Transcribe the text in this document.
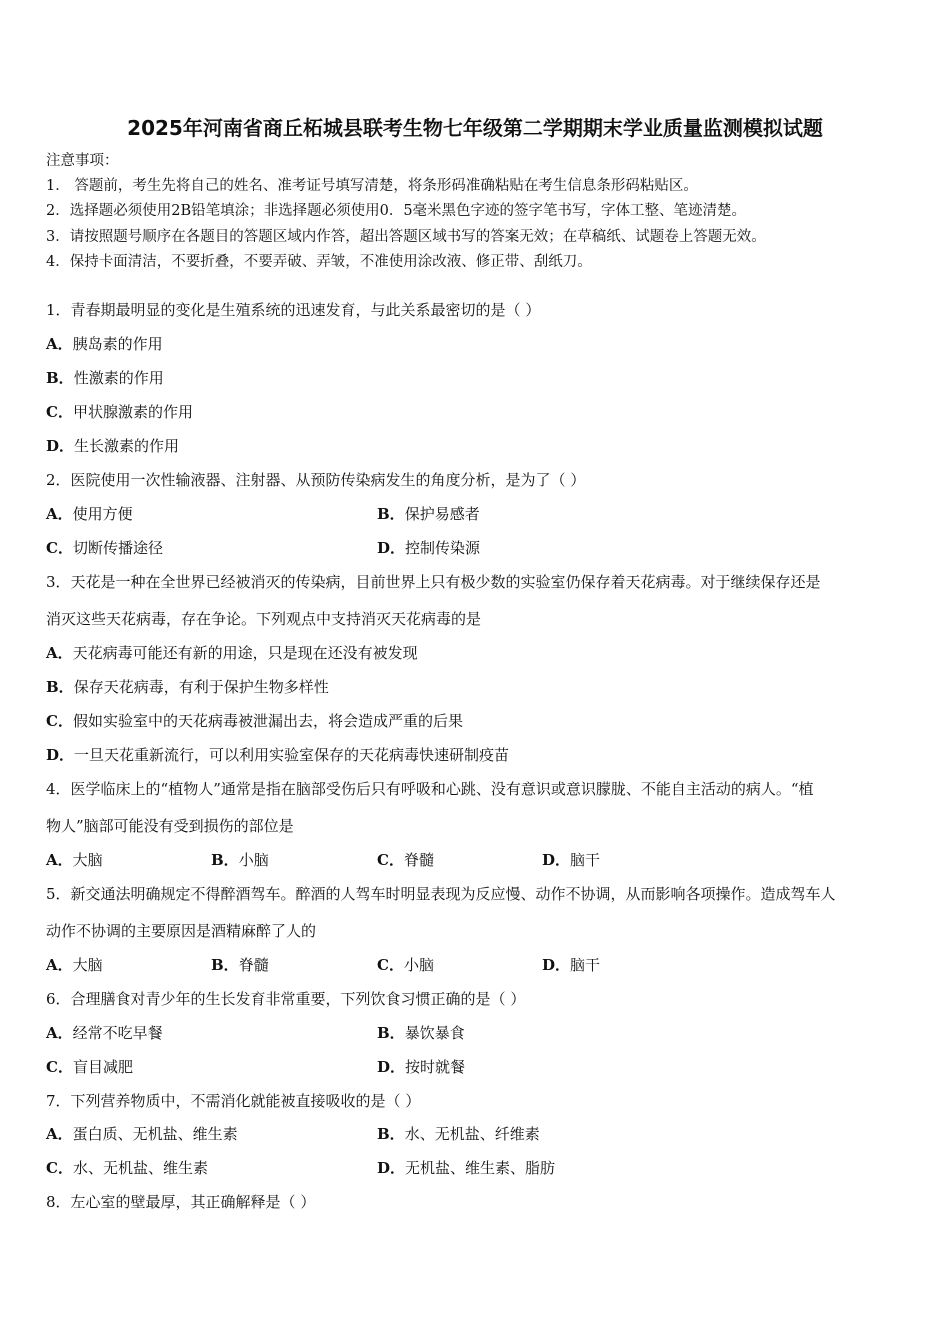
2025年河南省商丘柘城县联考生物七年级第二学期期末学业质量监测模拟试题
注意事项：
1． 答题前，考生先将自己的姓名、准考证号填写清楚，将条形码准确粘贴在考生信息条形码粘贴区。
2．选择题必须使用2B铅笔填涂；非选择题必须使用0．5毫米黑色字迹的签字笔书写，字体工整、笔迹清楚。
3．请按照题号顺序在各题目的答题区域内作答，超出答题区域书写的答案无效；在草稿纸、试题卷上答题无效。
4．保持卡面清洁，不要折叠，不要弄破、弄皱，不准使用涂改液、修正带、刮纸刀。
1．青春期最明显的变化是生殖系统的迅速发育，与此关系最密切的是（ ）
A．胰岛素的作用
B．性激素的作用
C．甲状腺激素的作用
D．生长激素的作用
2．医院使用一次性输液器、注射器、从预防传染病发生的角度分析，是为了（ ）
A．使用方便	B．保护易感者
C．切断传播途径	D．控制传染源
3．天花是一种在全世界已经被消灭的传染病，目前世界上只有极少数的实验室仍保存着天花病毒。对于继续保存还是
消灭这些天花病毒，存在争论。下列观点中支持消灭天花病毒的是
A．天花病毒可能还有新的用途，只是现在还没有被发现
B．保存天花病毒，有利于保护生物多样性
C．假如实验室中的天花病毒被泄漏出去，将会造成严重的后果
D．一旦天花重新流行，可以利用实验室保存的天花病毒快速研制疫苗
4．医学临床上的“植物人”通常是指在脑部受伤后只有呼吸和心跳、没有意识或意识朦胧、不能自主活动的病人。“植
物人”脑部可能没有受到损伤的部位是
A．大脑	B．小脑	C．脊髓	D．脑干
5．新交通法明确规定不得醉酒驾车。醉酒的人驾车时明显表现为反应慢、动作不协调，从而影响各项操作。造成驾车人
动作不协调的主要原因是酒精麻醉了人的
A．大脑	B．脊髓	C．小脑	D．脑干
6．合理膳食对青少年的生长发育非常重要，下列饮食习惯正确的是（ ）
A．经常不吃早餐	B．暴饮暴食
C．盲目减肥	D．按时就餐
7．下列营养物质中，不需消化就能被直接吸收的是（ ）
A．蛋白质、无机盐、维生素	B．水、无机盐、纤维素
C．水、无机盐、维生素	D．无机盐、维生素、脂肪
8．左心室的壁最厚，其正确解释是（ ）
